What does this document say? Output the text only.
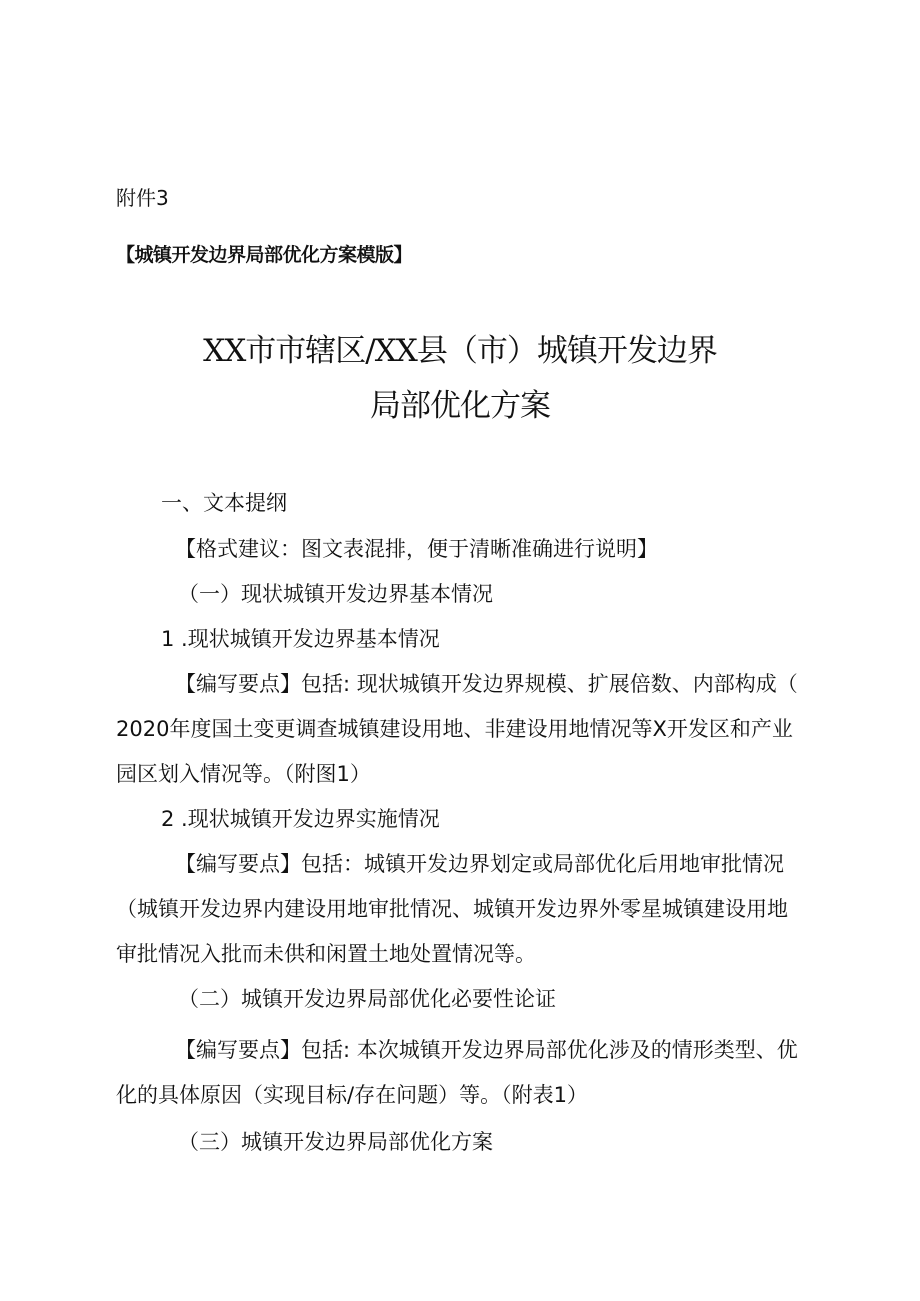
附件3
【城镇开发边界局部优化方案模版】
XX市市辖区/XX县（市）城镇开发边界
局部优化方案
一、文本提纲
【格式建议：图文表混排，便于清晰准确进行说明】
（一）现状城镇开发边界基本情况
1 .现状城镇开发边界基本情况
【编写要点】包括: 现状城镇开发边界规模、扩展倍数、内部构成（
2020年度国土变更调查城镇建设用地、非建设用地情况等X开发区和产业
园区划入情况等。（附图1）
2 .现状城镇开发边界实施情况
【编写要点】包括：城镇开发边界划定或局部优化后用地审批情况
（城镇开发边界内建设用地审批情况、城镇开发边界外零星城镇建设用地
审批情况入批而未供和闲置土地处置情况等。
（二）城镇开发边界局部优化必要性论证
【编写要点】包括: 本次城镇开发边界局部优化涉及的情形类型、优
化的具体原因（实现目标/存在问题）等。（附表1）
（三）城镇开发边界局部优化方案
